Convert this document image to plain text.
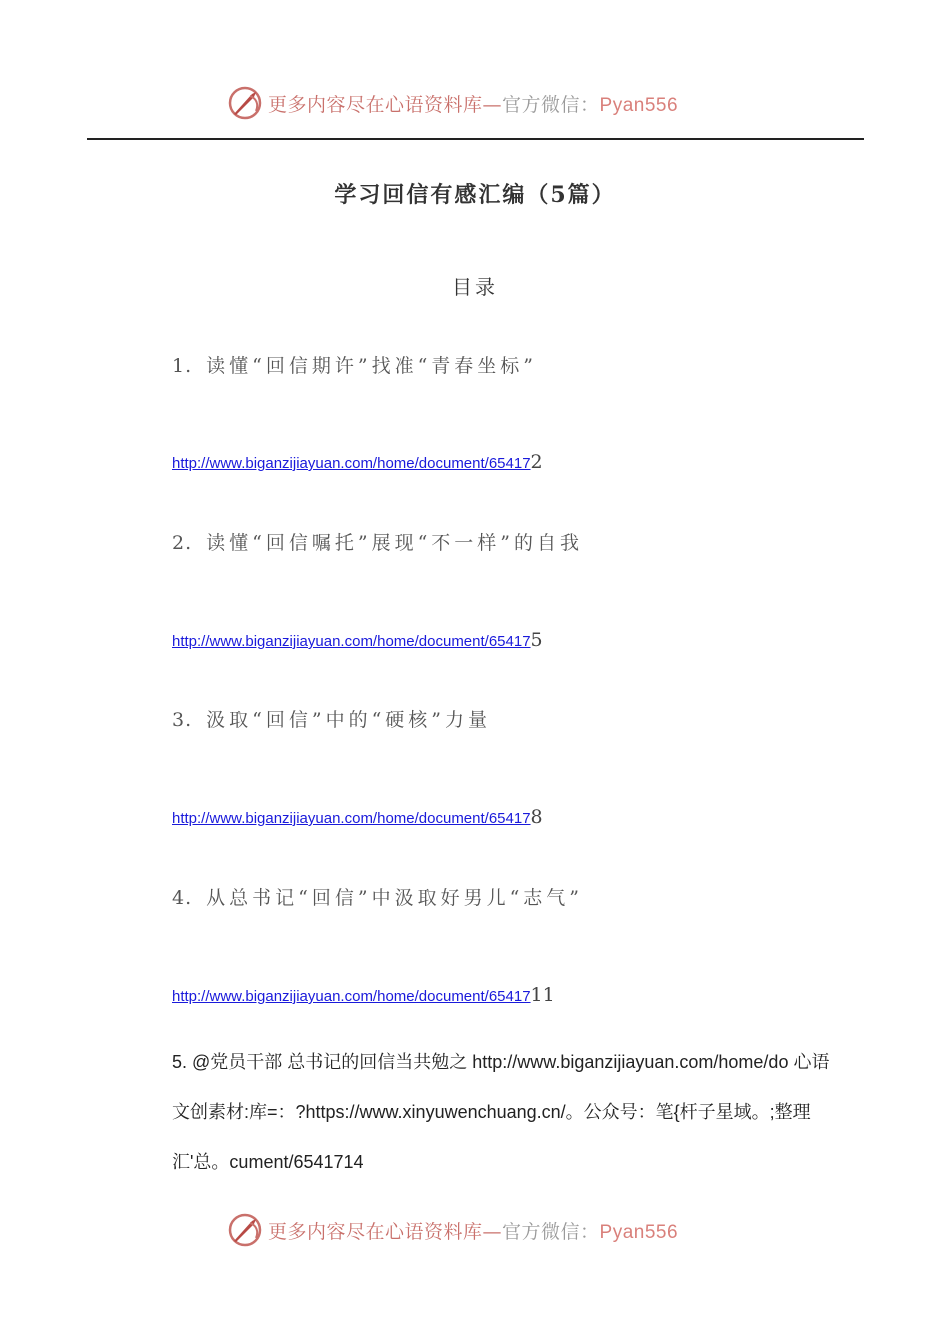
更多内容尽在心语资料库—官方微信：Pyan556
学习回信有感汇编（5篇）
目录
1. 读懂“回信期许”找准“青春坐标”
http://www.biganzijiayuan.com/home/document/654172
2. 读懂“回信嘱托”展现“不一样”的自我
http://www.biganzijiayuan.com/home/document/654175
3. 汲取“回信”中的“硬核”力量
http://www.biganzijiayuan.com/home/document/654178
4. 从总书记“回信”中汲取好男儿“志气”
http://www.biganzijiayuan.com/home/document/6541711
5. @党员干部 总书记的回信当共勉之 http://www.biganzijiayuan.com/home/do 心语
文创素材:库=：?https://www.xinyuwenchuang.cn/。公众号：笔{杆子星域。;整理
汇'总。cument/6541714
更多内容尽在心语资料库—官方微信：Pyan556
